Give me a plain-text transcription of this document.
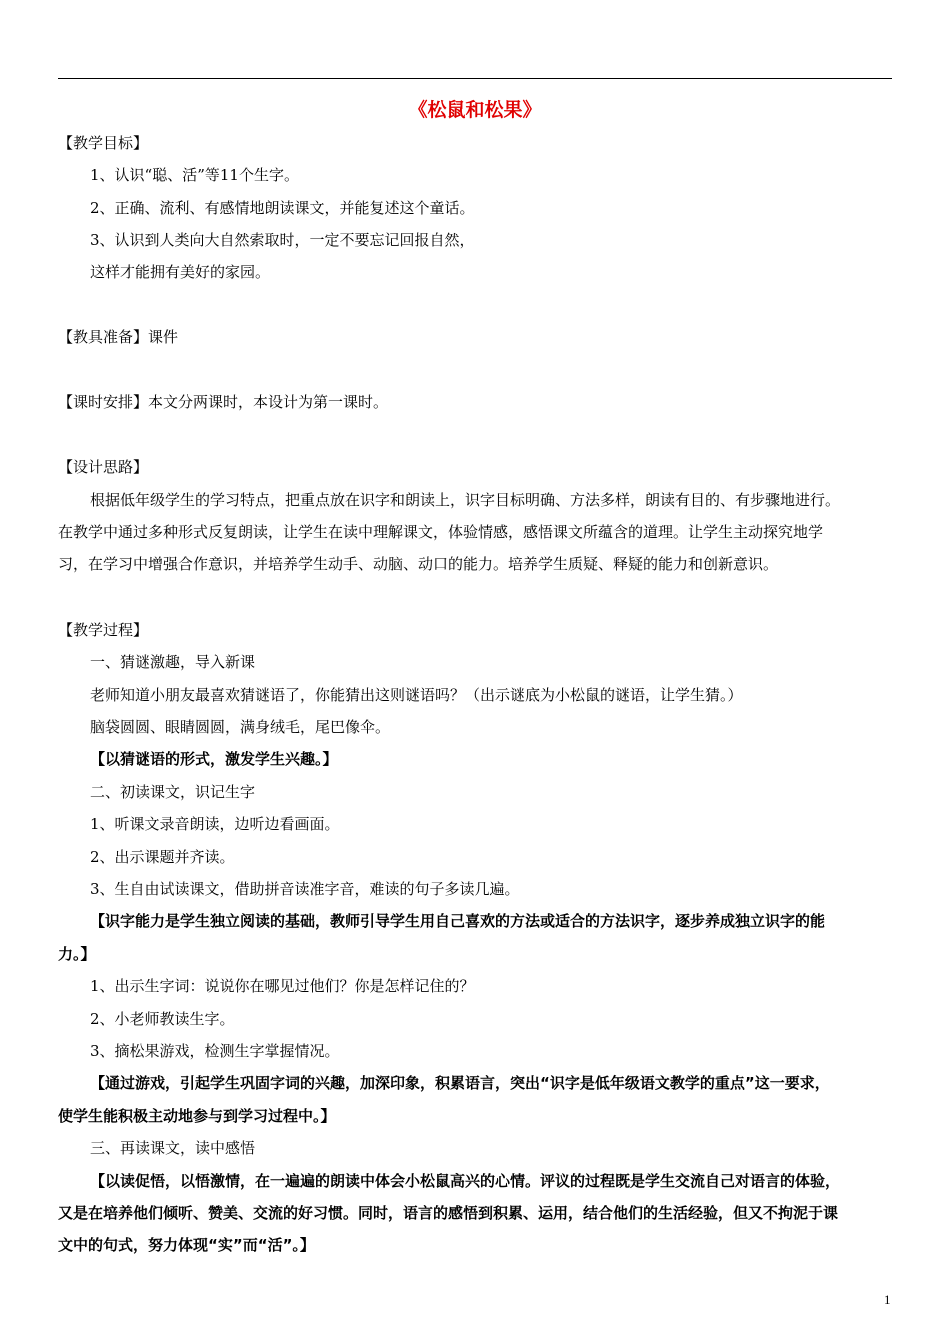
《松鼠和松果》
【教学目标】
1、认识“聪、活”等11个生字。
2、正确、流利、有感情地朗读课文，并能复述这个童话。
3、认识到人类向大自然索取时，一定不要忘记回报自然，
这样才能拥有美好的家园。
【教具准备】课件
【课时安排】本文分两课时，本设计为第一课时。
【设计思路】
根据低年级学生的学习特点，把重点放在识字和朗读上，识字目标明确、方法多样，朗读有目的、有步骤地进行。
在教学中通过多种形式反复朗读，让学生在读中理解课文，体验情感，感悟课文所蕴含的道理。让学生主动探究地学
习，在学习中增强合作意识，并培养学生动手、动脑、动口的能力。培养学生质疑、释疑的能力和创新意识。
【教学过程】
一、猜谜激趣，导入新课
老师知道小朋友最喜欢猜谜语了，你能猜出这则谜语吗？（出示谜底为小松鼠的谜语，让学生猜。）
脑袋圆圆、眼睛圆圆，满身绒毛，尾巴像伞。
【以猜谜语的形式，激发学生兴趣。】
二、初读课文，识记生字
1、听课文录音朗读，边听边看画面。
2、出示课题并齐读。
3、生自由试读课文，借助拼音读准字音，难读的句子多读几遍。
【识字能力是学生独立阅读的基础，教师引导学生用自己喜欢的方法或适合的方法识字，逐步养成独立识字的能
力。】
1、出示生字词：说说你在哪见过他们？你是怎样记住的？
2、小老师教读生字。
3、摘松果游戏，检测生字掌握情况。
【通过游戏，引起学生巩固字词的兴趣，加深印象，积累语言，突出“识字是低年级语文教学的重点”这一要求，
使学生能积极主动地参与到学习过程中。】
三、再读课文，读中感悟
【以读促悟，以悟激情，在一遍遍的朗读中体会小松鼠高兴的心情。评议的过程既是学生交流自己对语言的体验，
又是在培养他们倾听、赞美、交流的好习惯。同时，语言的感悟到积累、运用，结合他们的生活经验，但又不拘泥于课
文中的句式，努力体现“实”而“活”。】
1
